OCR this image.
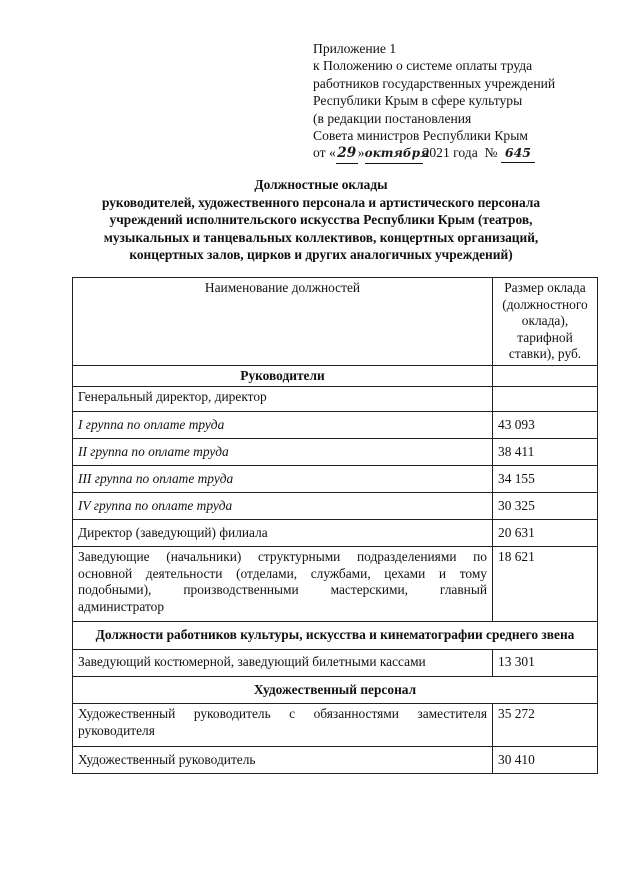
Приложение 1
к Положению о системе оплаты труда
работников государственных учреждений
Республики Крым в сфере культуры
(в редакции постановления
Совета министров Республики Крым
от « 29 »октября2021 года № 645
Должностные оклады
руководителей, художественного персонала и артистического персонала
учреждений исполнительского искусства Республики Крым (театров,
музыкальных и танцевальных коллективов, концертных организаций,
концертных залов, цирков и других аналогичных учреждений)
Наименование должностей	Размер оклада (должностного оклада), тарифной ставки), руб.
Руководители	
Генеральный директор, директор	
I группа по оплате труда	43 093
II группа по оплате труда	38 411
III группа по оплате труда	34 155
IV группа по оплате труда	30 325
Директор (заведующий) филиала	20 631
Заведующие (начальники) структурными подразделениями по основной деятельности (отделами, службами, цехами и тому подобными), производственными мастерскими, главный администратор	18 621
Должности работников культуры, искусства и кинематографии среднего звена	
Заведующий костюмерной, заведующий билетными кассами	13 301
Художественный персонал	
Художественный руководитель с обязанностями заместителя руководителя	35 272
Художественный руководитель	30 410
